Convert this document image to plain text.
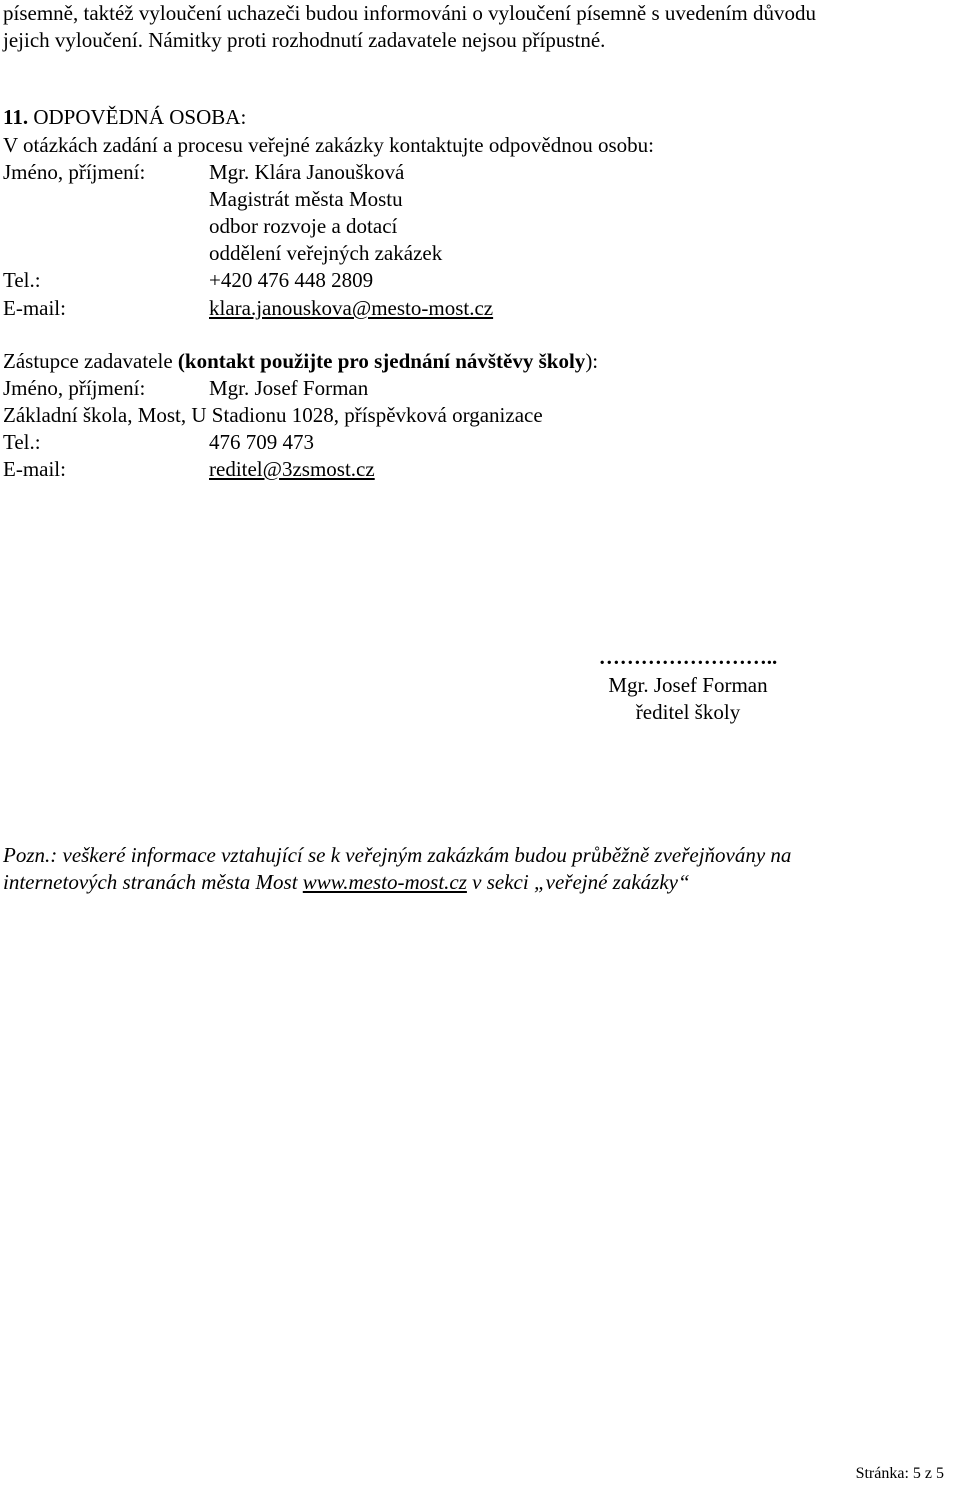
písemně, taktéž vyloučení uchazeči budou informováni o vyloučení písemně s uvedením důvodu
jejich vyloučení. Námitky proti rozhodnutí zadavatele nejsou přípustné.
11. ODPOVĚDNÁ OSOBA:
V otázkách zadání a procesu veřejné zakázky kontaktujte odpovědnou osobu:
Jméno, příjmení:	Mgr. Klára Janoušková
Magistrát města Mostu
odbor rozvoje a dotací
oddělení veřejných zakázek
Tel.:	+420 476 448 2809
E-mail:	klara.janouskova@mesto-most.cz
Zástupce zadavatele (kontakt použijte pro sjednání návštěvy školy):
Jméno, příjmení:	Mgr. Josef Forman
Základní škola, Most, U Stadionu 1028, příspěvková organizace
Tel.:	476 709 473
E-mail:	reditel@3zsmost.cz
……………………..
Mgr. Josef Forman
ředitel školy
Pozn.: veškeré informace vztahující se k veřejným zakázkám budou průběžně zveřejňovány na
internetových stranách města Most www.mesto-most.cz v sekci „veřejné zakázky“
Stránka: 5 z 5
